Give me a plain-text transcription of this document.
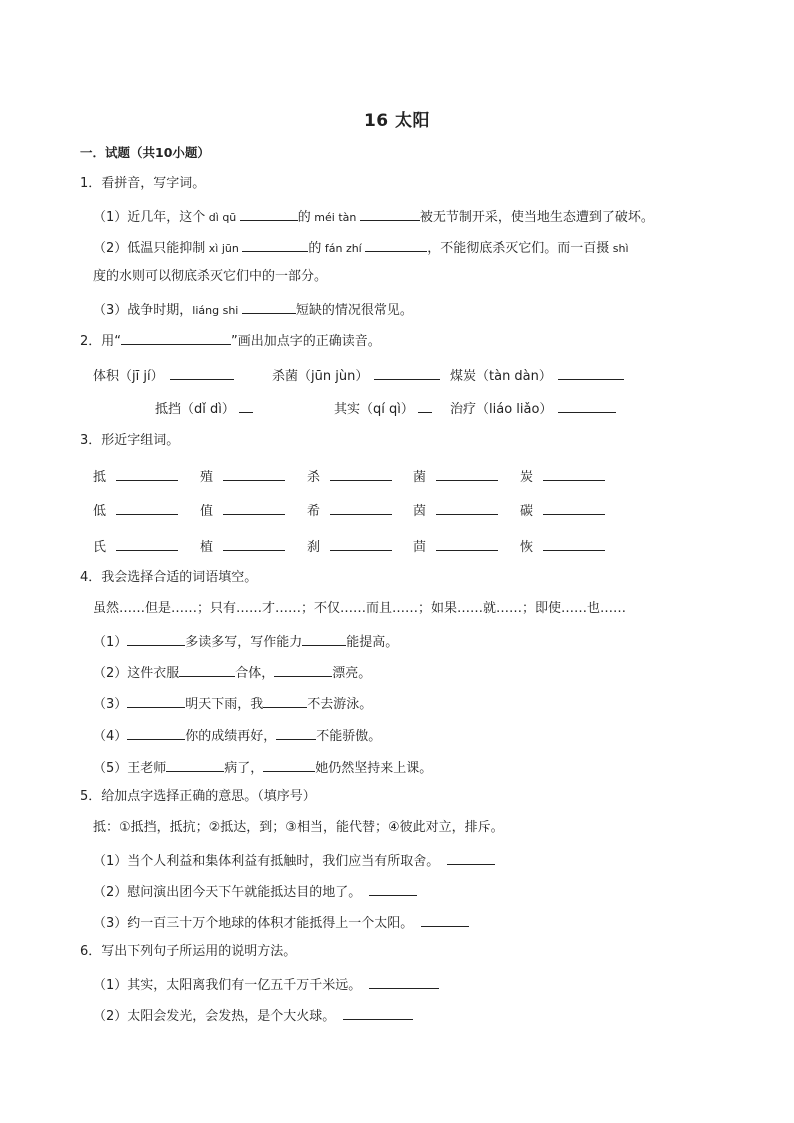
16 太阳
一．试题（共10小题）
1．看拼音，写字词。
（1）近几年，这个 dì qū	的 méi tàn	被无节制开采，使当地生态遭到了破坏。
（2）低温只能抑制 xì jūn	的 fán zhí	，不能彻底杀灭它们。而一百摄 shì
度的水则可以彻底杀灭它们中的一部分。
（3）战争时期，liáng shi	短缺的情况很常见。
2．用“	”画出加点字的正确读音。
体积（jī jí）	杀菌（jūn jùn）	煤炭（tàn dàn）
抵挡（dǐ dì）	其实（qí qì）	治疗（liáo liǎo）
3．形近字组词。
抵	殖	杀	菌	炭
低	值	希	茵	碳
氏	植	刹	茴	恢
4．我会选择合适的词语填空。
虽然……但是……；只有……才……；不仅……而且……；如果……就……；即使……也……
（1）	多读多写，写作能力	能提高。
（2）这件衣服	合体，	漂亮。
（3）	明天下雨，我	不去游泳。
（4）	你的成绩再好，	不能骄傲。
（5）王老师	病了，	她仍然坚持来上课。
5．给加点字选择正确的意思。（填序号）
抵：①抵挡，抵抗；②抵达，到；③相当，能代替；④彼此对立，排斥。
（1）当个人利益和集体利益有抵触时，我们应当有所取舍。
（2）慰问演出团今天下午就能抵达目的地了。
（3）约一百三十万个地球的体积才能抵得上一个太阳。
6．写出下列句子所运用的说明方法。
（1）其实，太阳离我们有一亿五千万千米远。
（2）太阳会发光，会发热，是个大火球。
